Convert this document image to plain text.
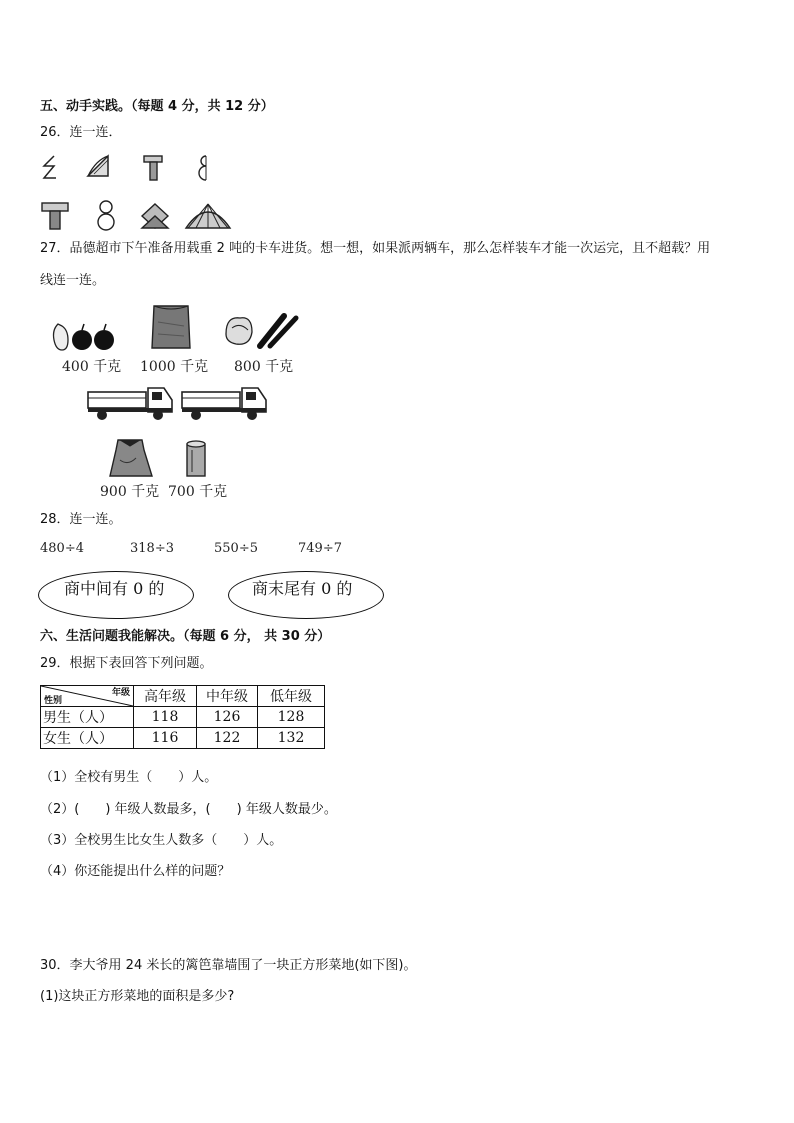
五、动手实践。（每题 4 分，共 12 分）
26．连一连．
27．品德超市下午准备用载重 2 吨的卡车进货。想一想，如果派两辆车，那么怎样装车才能一次运完，且不超载？用
线连一连。
400 千克 1000 千克 800 千克
900 千克 700 千克
28．连一连。
480÷4	318÷3	550÷5	749÷7
商中间有 0 的	商末尾有 0 的
六、生活问题我能解决。（每题 6 分， 共 30 分）
29．根据下表回答下列问题。
年级
性别	高年级	中年级	低年级
男生（人）	118	126	128
女生（人）	116	122	132
（1）全校有男生（　　）人。
（2）(　　) 年级人数最多，(　　) 年级人数最少。
（3）全校男生比女生人数多（　　）人。
（4）你还能提出什么样的问题？
30．李大爷用 24 米长的篱笆靠墙围了一块正方形菜地(如下图)。
(1)这块正方形菜地的面积是多少?
